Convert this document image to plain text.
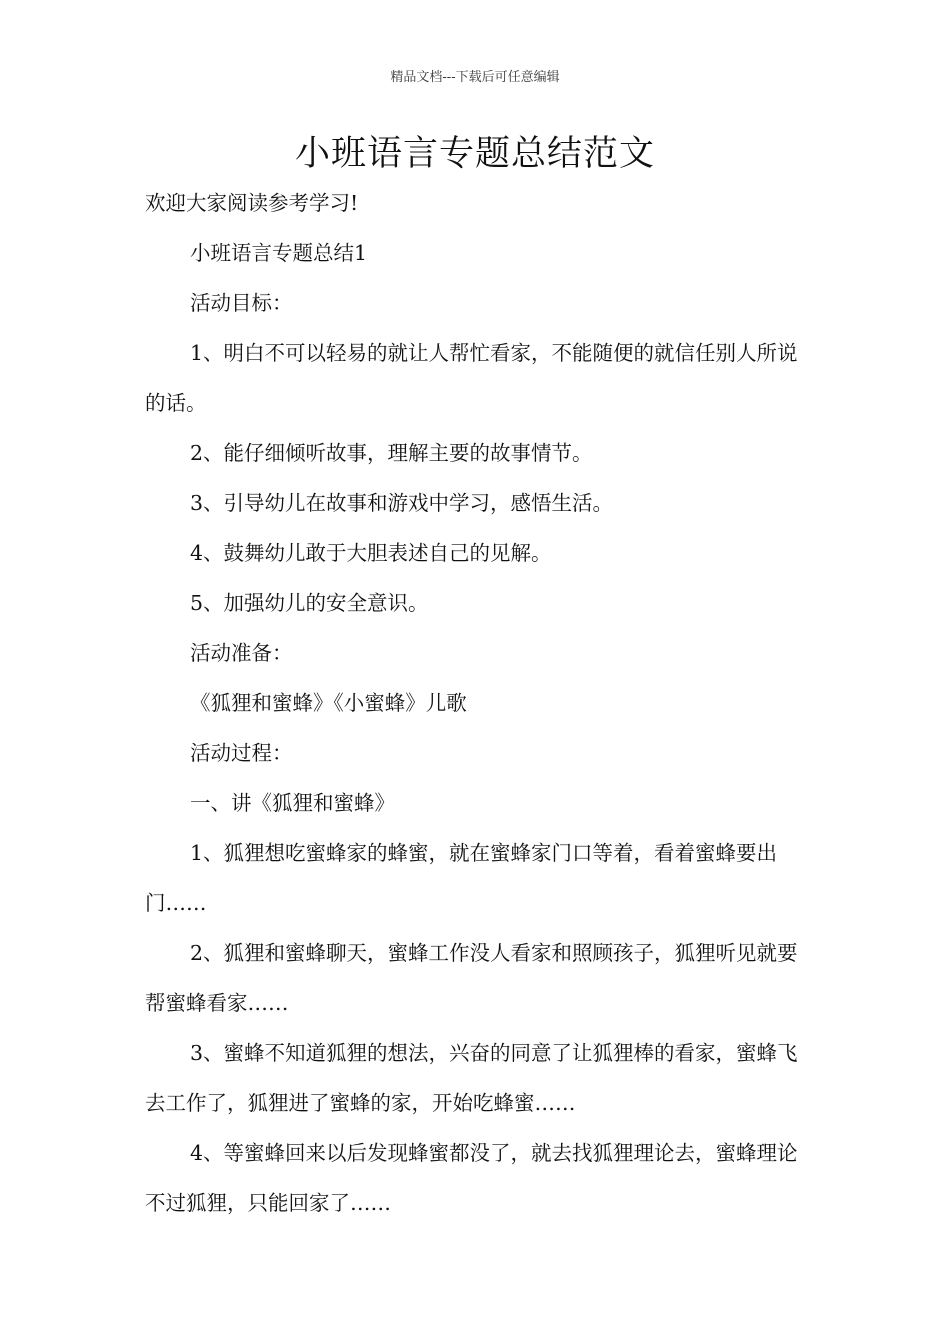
精品文档---下载后可任意编辑
小班语言专题总结范文

欢迎大家阅读参考学习!

小班语言专题总结1

活动目标：

1、明白不可以轻易的就让人帮忙看家，不能随便的就信任别人所说的话。

2、能仔细倾听故事，理解主要的故事情节。

3、引导幼儿在故事和游戏中学习，感悟生活。

4、鼓舞幼儿敢于大胆表述自己的见解。

5、加强幼儿的安全意识。

活动准备：

《狐狸和蜜蜂》《小蜜蜂》儿歌

活动过程：

一、讲《狐狸和蜜蜂》

1、狐狸想吃蜜蜂家的蜂蜜，就在蜜蜂家门口等着，看着蜜蜂要出门……

2、狐狸和蜜蜂聊天，蜜蜂工作没人看家和照顾孩子，狐狸听见就要帮蜜蜂看家……

3、蜜蜂不知道狐狸的想法，兴奋的同意了让狐狸棒的看家，蜜蜂飞去工作了，狐狸进了蜜蜂的家，开始吃蜂蜜……

4、等蜜蜂回来以后发现蜂蜜都没了，就去找狐狸理论去，蜜蜂理论不过狐狸，只能回家了……
